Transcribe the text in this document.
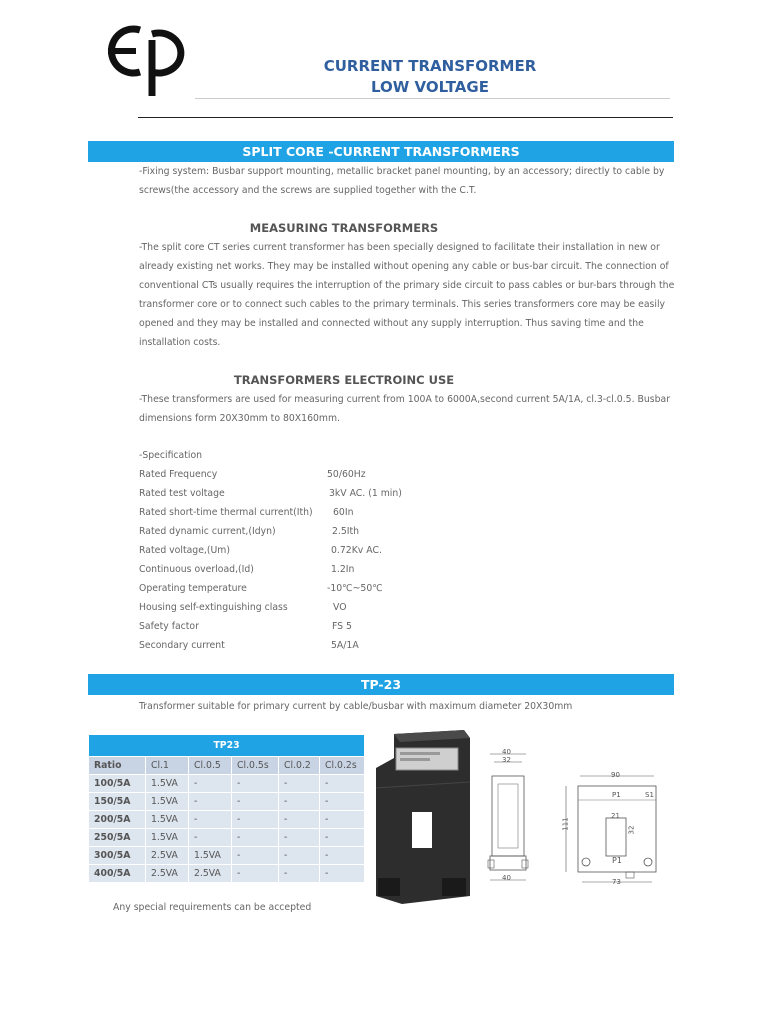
CURRENT TRANSFORMER
LOW VOLTAGE
SPLIT CORE -CURRENT TRANSFORMERS
-Fixing system: Busbar support mounting, metallic bracket panel mounting, by an accessory; directly to cable by
screws(the accessory and the screws are supplied together with the C.T.
MEASURING TRANSFORMERS
-The split core CT series current transformer has been specially designed to facilitate their installation in new or
already existing net works. They may be installed without opening any cable or bus-bar circuit. The connection of
conventional CTs usually requires the interruption of the primary side circuit to pass cables or bur-bars through the
transformer core or to connect such cables to the primary terminals. This series transformers core may be easily
opened and they may be installed and connected without any supply interruption. Thus saving time and the
installation costs.
TRANSFORMERS ELECTROINC USE
-These transformers are used for measuring current from 100A to 6000A,second current 5A/1A, cl.3-cl.0.5. Busbar
dimensions form 20X30mm to 80X160mm.
-Specification
Rated Frequency	50/60Hz
Rated test voltage	3kV AC. (1 min)
Rated short-time thermal current(Ith) 60In
Rated dynamic current,(Idyn)	2.5Ith
Rated voltage,(Um)	0.72Kv AC.
Continuous overload,(Id)	1.2In
Operating temperature	-10℃~50℃
Housing self-extinguishing class	VO
Safety factor	FS 5
Secondary current	5A/1A
TP-23
Transformer suitable for primary current by cable/busbar with maximum diameter 20X30mm
TP23					
Ratio	Cl.1	Cl.0.5	Cl.0.5s	Cl.0.2	Cl.0.2s
100/5A	1.5VA	-	-	-	-
150/5A	1.5VA	-	-	-	-
200/5A	1.5VA	-	-	-	-
250/5A	1.5VA	-	-	-	-
300/5A	2.5VA	1.5VA	-	-	-
400/5A	2.5VA	2.5VA	-	-	-
Any special requirements can be accepted
40
32
40
90
111
21
32
73
P1	S1
P1
